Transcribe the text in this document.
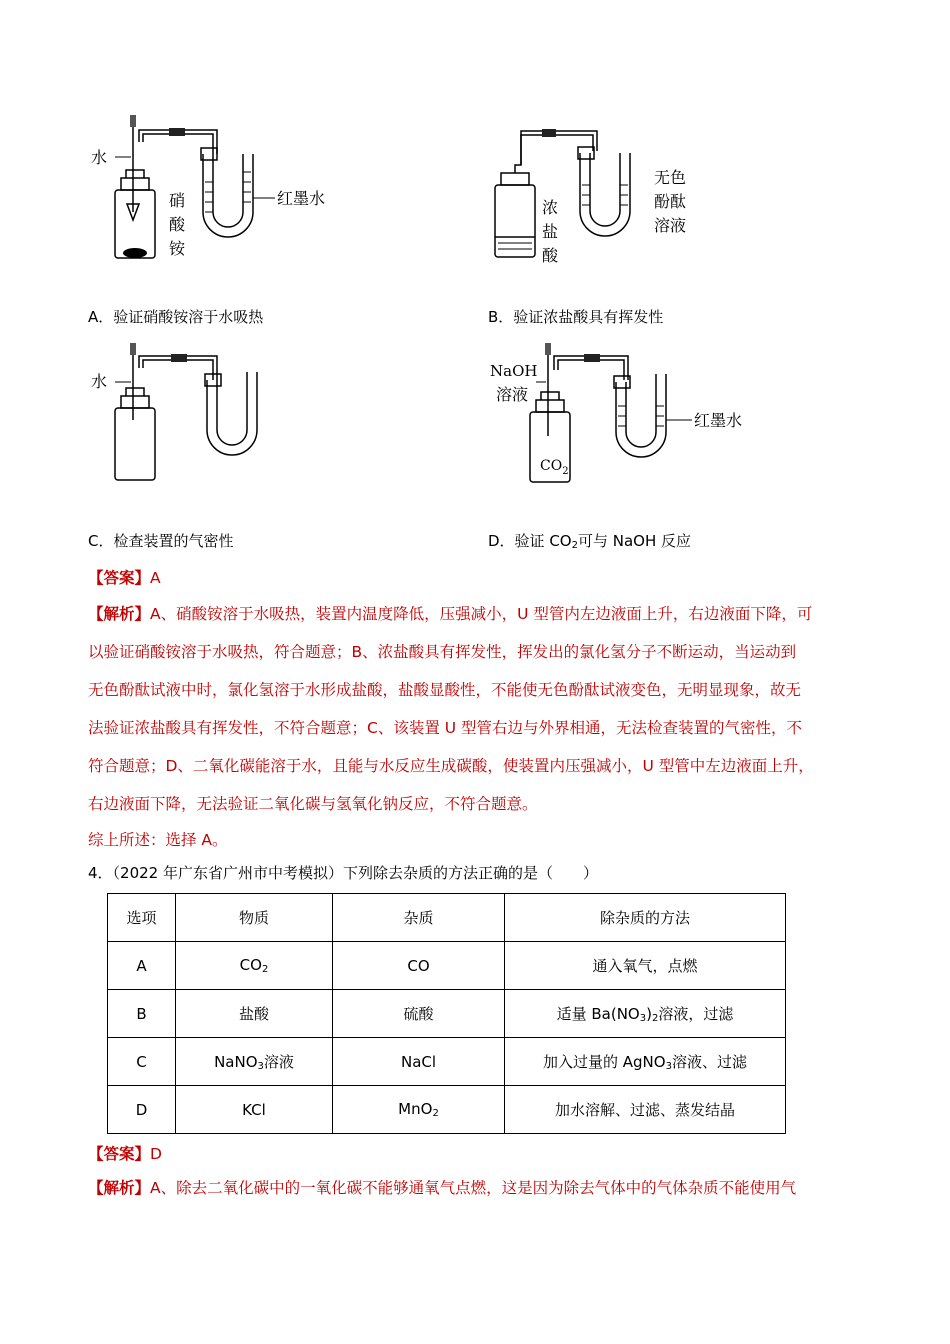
水
硝
酸
铵
红墨水	浓
盐
酸
无色
酚酞
溶液
A．验证硝酸铵溶于水吸热	B．验证浓盐酸具有挥发性
水
NaOH
溶液
$CO_2$
红墨水
C．检查装置的气密性	D．验证 $CO_2$可与 NaOH 反应
【答案】A
【解析】A、硝酸铵溶于水吸热，装置内温度降低，压强减小，U 型管内左边液面上升，右边液面下降，可
以验证硝酸铵溶于水吸热，符合题意；B、浓盐酸具有挥发性，挥发出的氯化氢分子不断运动，当运动到
无色酚酞试液中时，氯化氢溶于水形成盐酸，盐酸显酸性，不能使无色酚酞试液变色，无明显现象，故无
法验证浓盐酸具有挥发性，不符合题意；C、该装置 U 型管右边与外界相通，无法检查装置的气密性，不
符合题意；D、二氧化碳能溶于水，且能与水反应生成碳酸，使装置内压强减小，U 型管中左边液面上升，
右边液面下降，无法验证二氧化碳与氢氧化钠反应，不符合题意。
综上所述：选择 A。
4．（2022 年广东省广州市中考模拟）下列除去杂质的方法正确的是（　　）
选项	物质	杂质	除杂质的方法
A	$CO_2$	CO	通入氧气，点燃
B	盐酸	硫酸	适量 $Ba(NO_3)_2$溶液，过滤
C	NaNO$_3$溶液	NaCl	加入过量的 AgNO$_3$溶液、过滤
D	KCl	MnO$_2$	加水溶解、过滤、蒸发结晶
【答案】D
【解析】A、除去二氧化碳中的一氧化碳不能够通氧气点燃，这是因为除去气体中的气体杂质不能使用气
